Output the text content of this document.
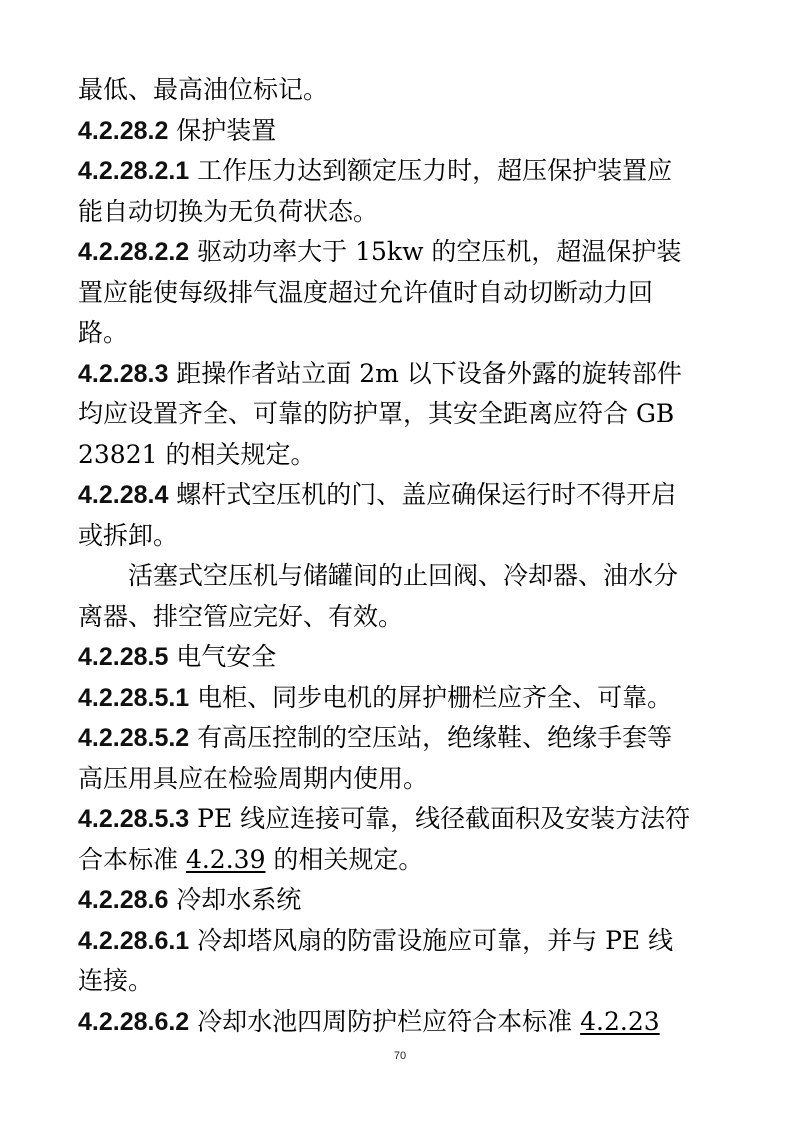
最低、最高油位标记。
4.2.28.2 保护装置
4.2.28.2.1 工作压力达到额定压力时，超压保护装置应
能自动切换为无负荷状态。
4.2.28.2.2 驱动功率大于 15kw 的空压机，超温保护装
置应能使每级排气温度超过允许值时自动切断动力回
路。
4.2.28.3 距操作者站立面 2m 以下设备外露的旋转部件
均应设置齐全、可靠的防护罩，其安全距离应符合 GB
23821 的相关规定。
4.2.28.4 螺杆式空压机的门、盖应确保运行时不得开启
或拆卸。
活塞式空压机与储罐间的止回阀、冷却器、油水分
离器、排空管应完好、有效。
4.2.28.5 电气安全
4.2.28.5.1 电柜、同步电机的屏护栅栏应齐全、可靠。
4.2.28.5.2 有高压控制的空压站，绝缘鞋、绝缘手套等
高压用具应在检验周期内使用。
4.2.28.5.3 PE 线应连接可靠，线径截面积及安装方法符
合本标准 4.2.39 的相关规定。
4.2.28.6 冷却水系统
4.2.28.6.1 冷却塔风扇的防雷设施应可靠，并与 PE 线
连接。
4.2.28.6.2 冷却水池四周防护栏应符合本标准 4.2.23
70
